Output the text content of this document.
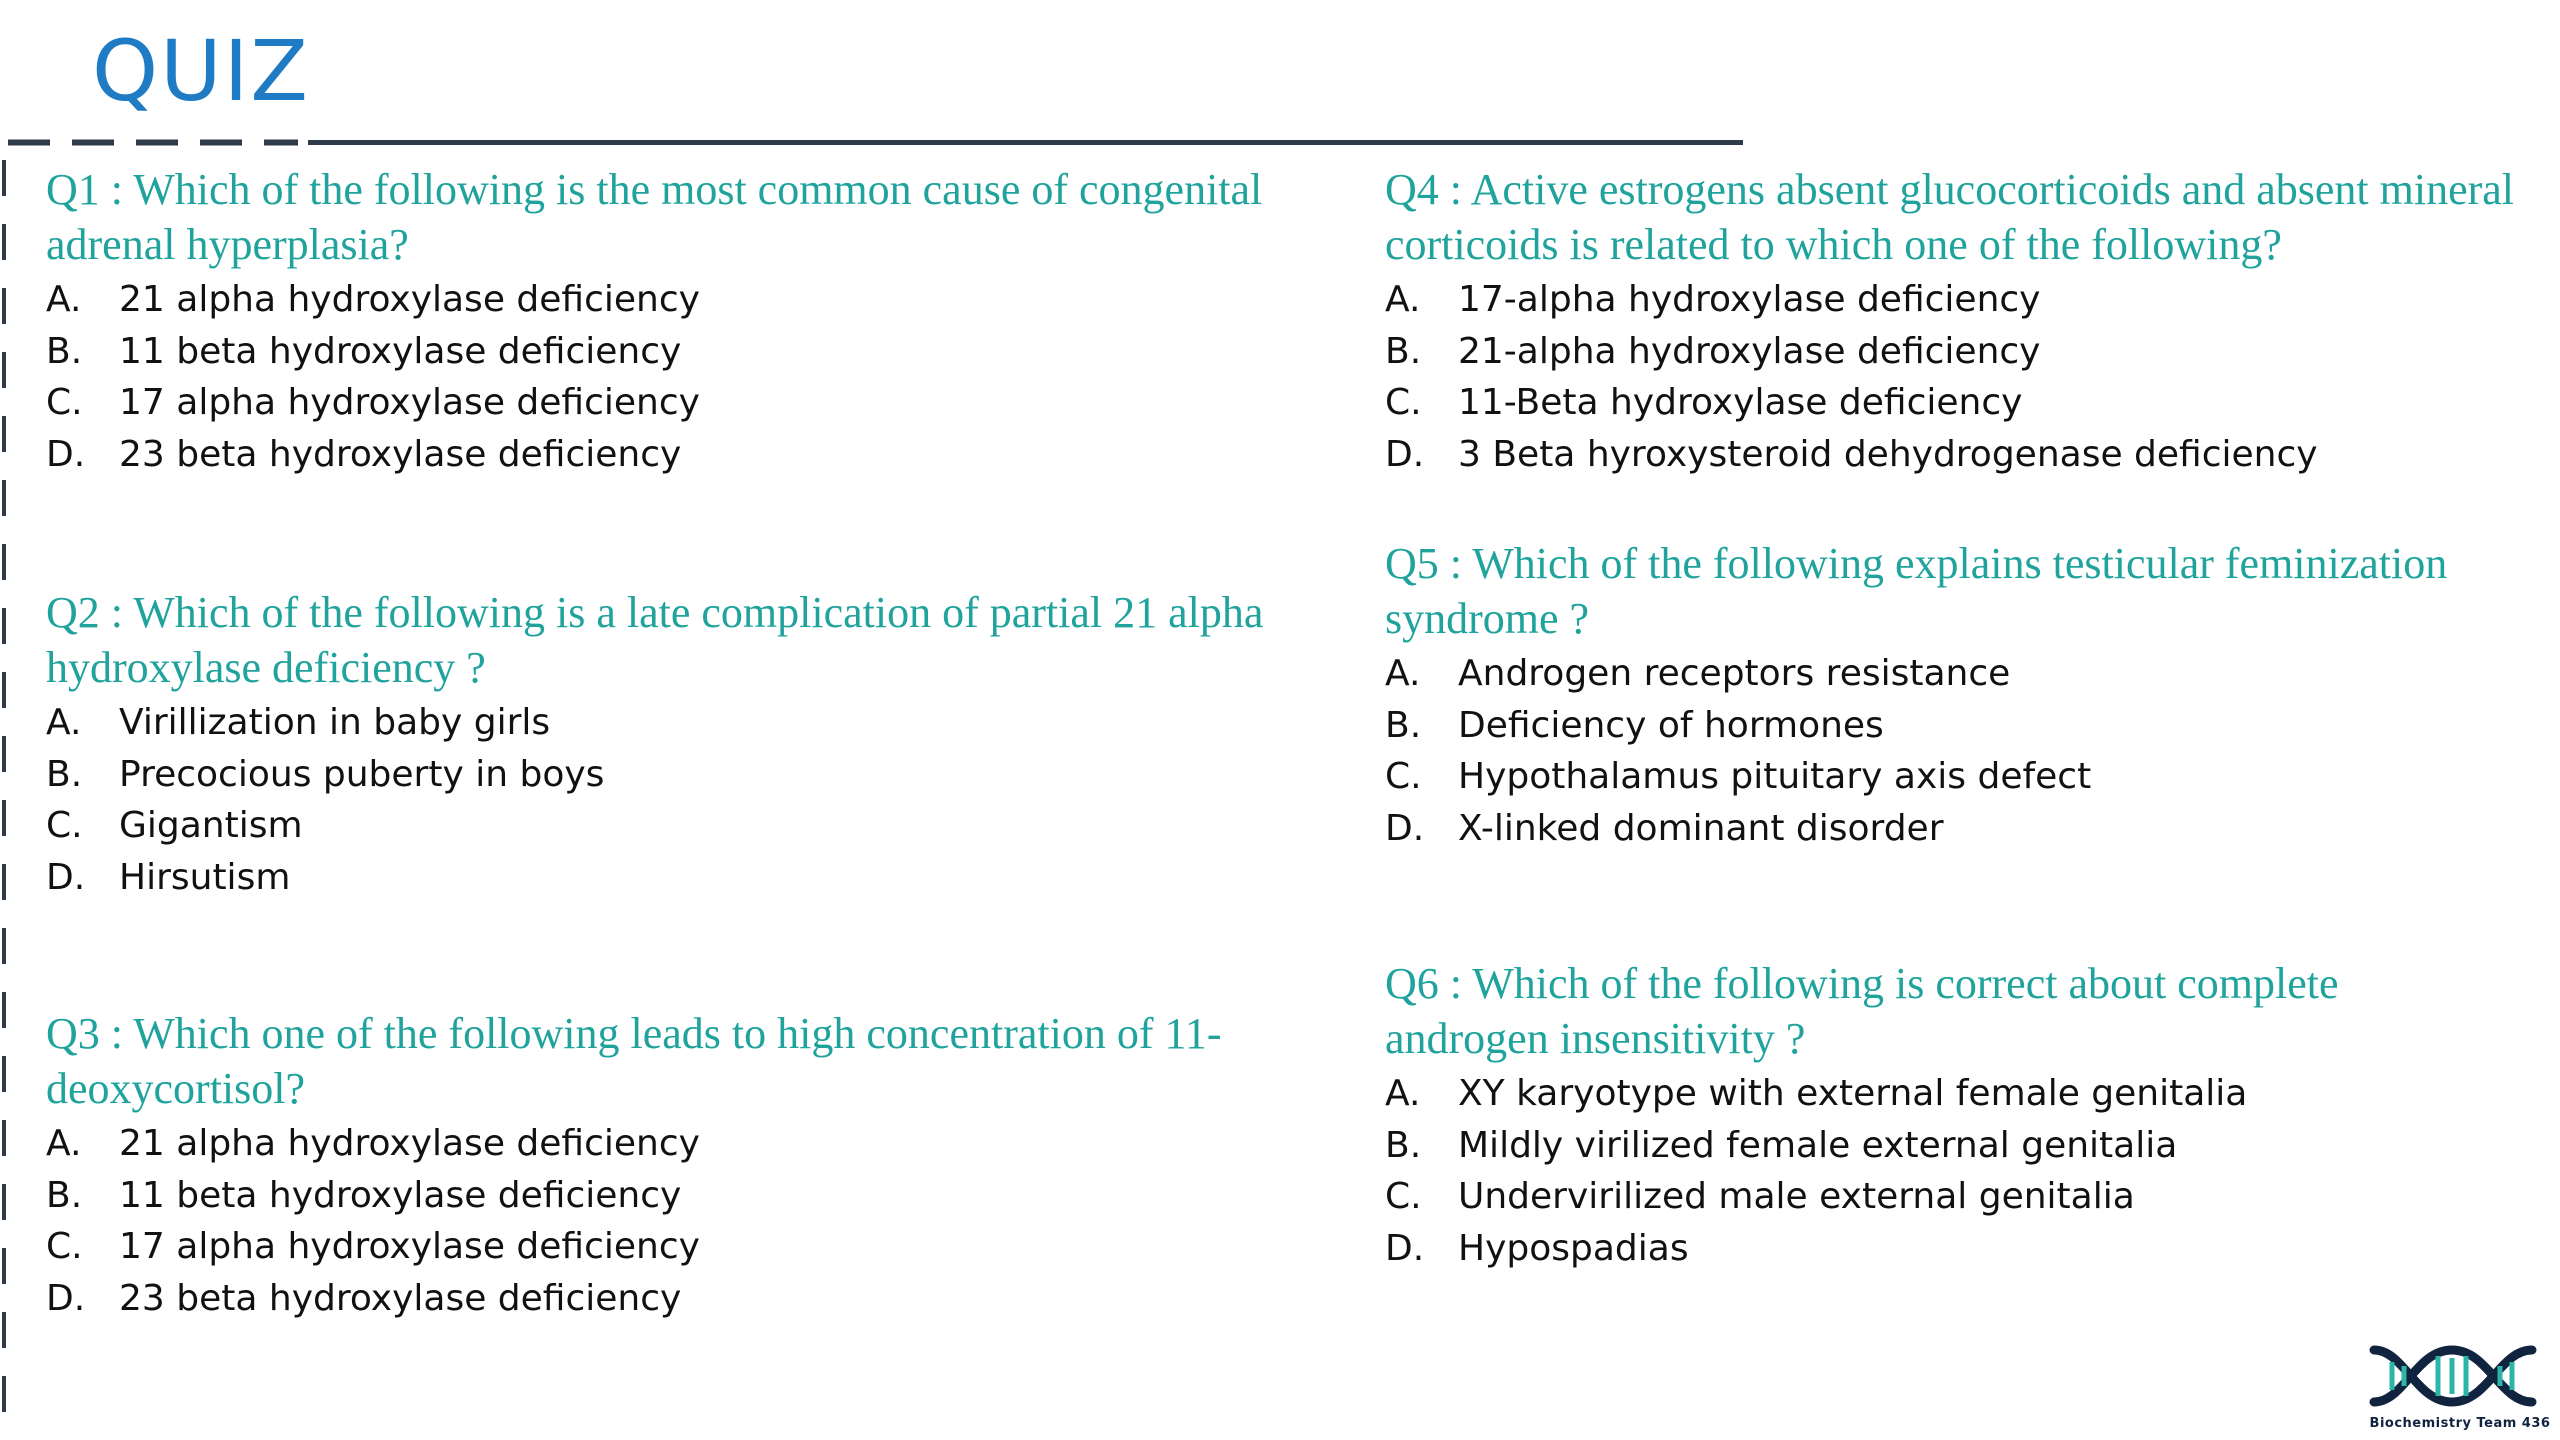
QUIZ

Q1 : Which of the following is the most common cause of congenital adrenal hyperplasia?

A.	21 alpha hydroxylase deficiency
B.	11 beta hydroxylase deficiency
C.	17 alpha hydroxylase deficiency
D. 23 beta hydroxylase deficiency

Q2 : Which of the following is a late complication of partial 21 alpha hydroxylase deficiency ?

A.	Virillization in baby girls
B.	Precocious puberty in boys
C.	Gigantism
D. Hirsutism

Q3 : Which one of the following leads to high concentration of 11-deoxycortisol?

A.	21 alpha hydroxylase deficiency
B.	11 beta hydroxylase deficiency
C.	17 alpha hydroxylase deficiency
D. 23 beta hydroxylase deficiency

Q4 : Active estrogens absent glucocorticoids and absent mineral corticoids is related to which one of the following?

A.	17-alpha hydroxylase deficiency
B.	21-alpha hydroxylase deficiency
C.	11-Beta hydroxylase deficiency
D. 3 Beta hyroxysteroid dehydrogenase deficiency

Q5 : Which of the following explains testicular feminization syndrome ?

A.	Androgen receptors resistance
B.	Deficiency of hormones
C.	Hypothalamus pituitary axis defect
D. X-linked dominant disorder

Q6 : Which of the following is correct about complete androgen insensitivity ?

A.	XY karyotype with external female genitalia
B.	Mildly virilized female external genitalia
C.	Undervirilized male external genitalia
D. Hypospadias
Biochemistry Team 436
